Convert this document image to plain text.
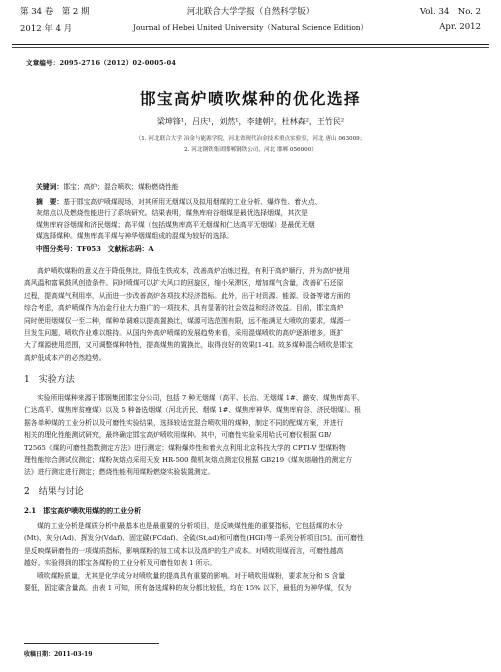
第 34 卷　第 2 期
2012 年 4 月
河北联合大学学报（自然科学版）
Journal of Hebei United University（Natural Science Edition）
Vol. 34　No. 2
Apr. 2012
文章编号：2095-2716（2012）02-0005-04
邯宝高炉喷吹煤种的优化选择
梁坤锋¹，吕庆¹，刘然¹，李建朝²，杜林森²，王竹民²
（1. 河北联合大学 冶金与能源学院，河北省现代冶金技术重点实验室，河北 唐山 063009；
2. 河北钢铁集团邯郸钢铁公司，河北 邯郸 056000）
摘　要：基于邯宝高炉喷煤现场，对其所用无烟煤以及拟用烟煤的工业分析、爆炸性、着火点、
灰熔点以及燃烧性能进行了系统研究。结果表明，煤焦库府谷烟煤是最优选择烟煤，其次是
煤焦库府谷烟煤和济民烟煤；高平煤（包括煤焦库高平无烟煤和仁达高平无烟煤）是最优无烟
煤选择煤种。煤焦库高平煤与神华烟煤组成的混煤为较好的选择。
关键词：邯宝；高炉；混合喷吹；煤粉燃烧性能
中图分类号：TF053　文献标志码：A
高炉喷吹煤粉的意义在于降低焦比，降低生铁成本，改善高炉冶炼过程，有利于高炉顺行，并为高炉使用
高风温和富氧鼓风创造条件。同时喷煤可以扩大风口的回旋区，缩小呆滞区，增加煤气含量，改善矿石还原
过程，提高煤气利用率，从而进一步改善高炉各项技术经济指标。此外，出于对资源、能源、设备等诸方面的
综合考虑，高炉喷煤作为冶金行业大力推广的一项技术，具有显著的社会效益和经济效益。目前，邯宝高炉
同时使用烟煤仅一至二种，煤种单调难以提高置换比，煤源可选范围有限，远不能满足大喷吹的要求，煤源一
旦发生问题，喷吹作业难以维持。从国内外高炉喷煤的发展趋势来看，采用混煤喷吹的高炉逐渐增多，既扩
大了煤源使用范围，又可调整煤种特性，提高煤焦的置换比，取得良好的效果[1-4]。故多煤种混合喷吹是邯宝
高炉低成本产的必然趋势。
1　实验方法
实验所用煤种来源于邯钢集团邯宝分公司，包括 7 种无烟煤（高平、长治、无烟煤 1#、潞安、煤焦库高平、
仁达高平、煤焦库贫瘦煤）以及 5 种备选烟煤（河北沂民、烟煤 1#、煤焦库神华、煤焦库府谷、济民烟煤）。根
据各单种煤的工业分析以及可磨性实验结果，选择较适宜混合喷吹用的煤种，制定不同的配煤方案，并进行
相关的理化性能测试研究，最终确定邯宝高炉喷吹用煤种。其中，可磨性实验采用哈氏可磨仪根据 GB/
T2565《煤的可磨性指数测定方法》进行测定；煤粉爆炸性和着火点利用北京科技大学的 CPTI-V 型煤粉物
理性能综合测试仪测定；煤粉灰熔点采用天发 HR-500 微机灰熔点测定仪根据 GB219《煤灰熔融性的测定方
法》进行测定进行测定；燃烧性能利用煤粉燃烧实验装置测定。
2　结果与讨论
2.1　邯宝高炉喷吹用煤的的工业分析
煤的工业分析是煤质分析中最基本也是最重要的分析项目，是反映煤性能的重要指标，它包括煤的水分
(Mt)、灰分(Ad)、挥发分(Vdaf)、固定碳(FCdaf)、全硫(St,ad)和可磨性(HGI)等一系列分析项目[5]。而可磨性
是反映煤研磨性的一项煤质指标，影响煤粉的加工成本以及高炉的生产成本。对喷吹用煤而言，可磨性越高
越好。实验得到的邯宝各煤粉的工业分析及可磨性如表 1 所示。
喷吹煤粉质量，尤其是化学成分对喷吹量的提高具有重要的影响。对于喷吹用煤粉，要求灰分和 S 含量
要低，固定碳含量高。由表 1 可知，所有备选煤种的灰分都比较低，均在 15% 以下，最低的为神华煤，仅为
收稿日期：2011-03-19
